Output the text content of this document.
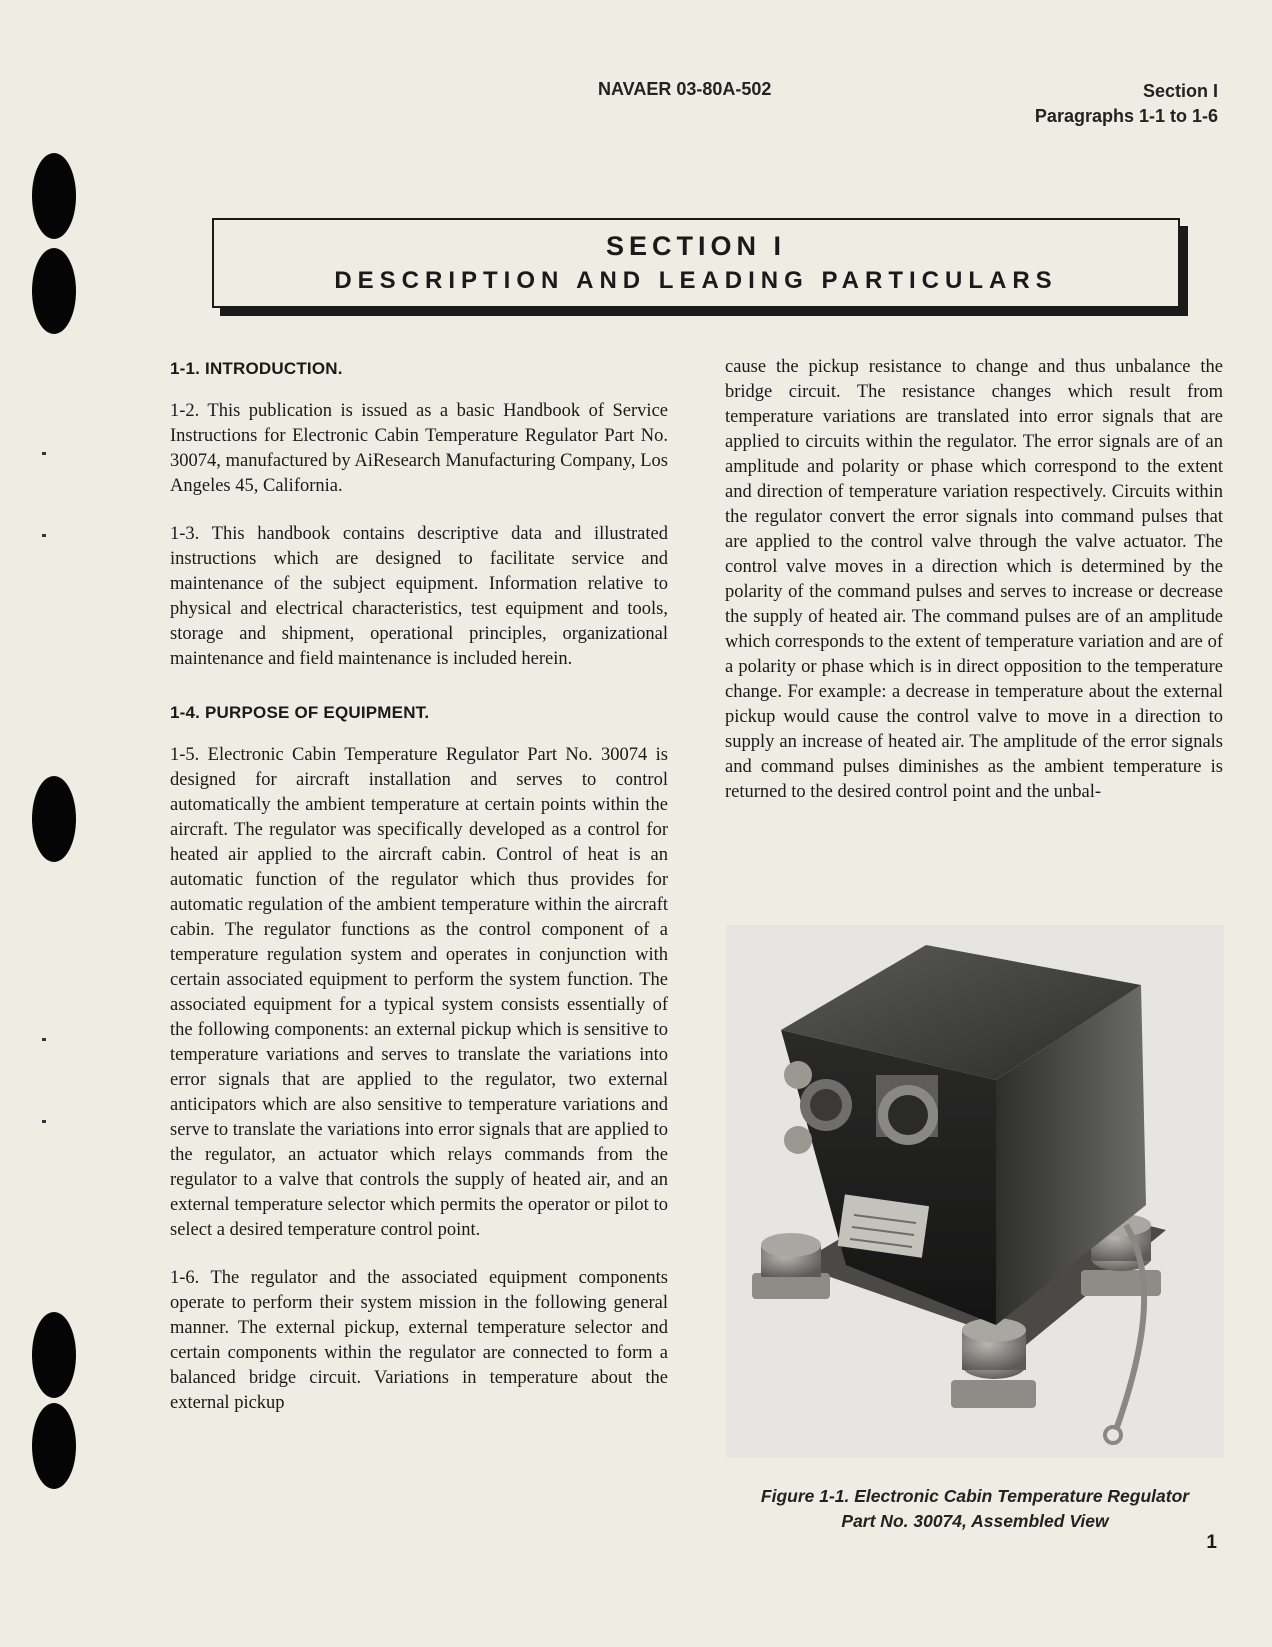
NAVAER 03-80A-502	Section I
Paragraphs 1-1 to 1-6
SECTION I
DESCRIPTION AND LEADING PARTICULARS
1-1. INTRODUCTION.

1-2. This publication is issued as a basic Handbook of Service Instructions for Electronic Cabin Temperature Regulator Part No. 30074, manufactured by AiResearch Manufacturing Company, Los Angeles 45, California.

1-3. This handbook contains descriptive data and illustrated instructions which are designed to facilitate service and maintenance of the subject equipment. Information relative to physical and electrical characteristics, test equipment and tools, storage and shipment, operational principles, organizational maintenance and field maintenance is included herein.

1-4. PURPOSE OF EQUIPMENT.

1-5. Electronic Cabin Temperature Regulator Part No. 30074 is designed for aircraft installation and serves to control automatically the ambient temperature at certain points within the aircraft. The regulator was specifically developed as a control for heated air applied to the aircraft cabin. Control of heat is an automatic function of the regulator which thus provides for automatic regulation of the ambient temperature within the aircraft cabin. The regulator functions as the control component of a temperature regulation system and operates in conjunction with certain associated equipment to perform the system function. The associated equipment for a typical system consists essentially of the following components: an external pickup which is sensitive to temperature variations and serves to translate the variations into error signals that are applied to the regulator, two external anticipators which are also sensitive to temperature variations and serve to translate the variations into error signals that are applied to the regulator, an actuator which relays commands from the regulator to a valve that controls the supply of heated air, and an external temperature selector which permits the operator or pilot to select a desired temperature control point.

1-6. The regulator and the associated equipment components operate to perform their system mission in the following general manner. The external pickup, external temperature selector and certain components within the regulator are connected to form a balanced bridge circuit. Variations in temperature about the external pickup

cause the pickup resistance to change and thus unbalance the bridge circuit. The resistance changes which result from temperature variations are translated into error signals that are applied to circuits within the regulator. The error signals are of an amplitude and polarity or phase which correspond to the extent and direction of temperature variation respectively. Circuits within the regulator convert the error signals into command pulses that are applied to the control valve through the valve actuator. The control valve moves in a direction which is determined by the polarity of the command pulses and serves to increase or decrease the supply of heated air. The command pulses are of an amplitude which corresponds to the extent of temperature variation and are of a polarity or phase which is in direct opposition to the temperature change. For example: a decrease in temperature about the external pickup would cause the control valve to move in a direction to supply an increase of heated air. The amplitude of the error signals and command pulses diminishes as the ambient temperature is returned to the desired control point and the unbal-

Figure 1-1. Electronic Cabin Temperature Regulator
Part No. 30074, Assembled View
1
